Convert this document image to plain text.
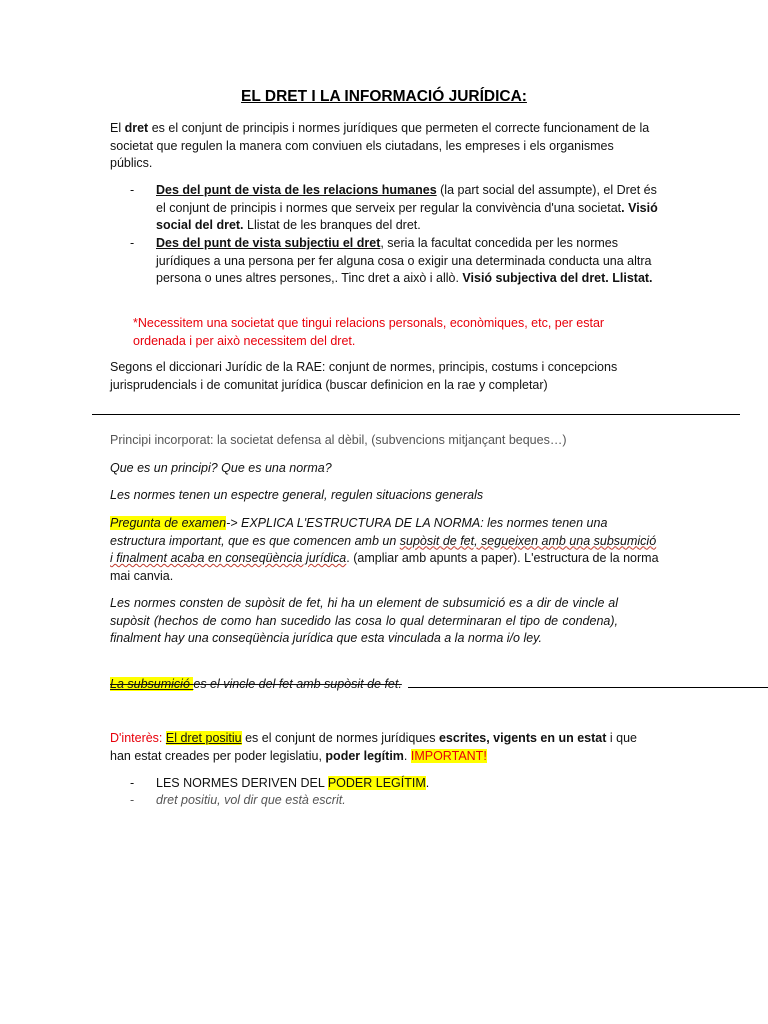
EL DRET I LA INFORMACIÓ JURÍDICA:

El dret es el conjunt de principis i normes jurídiques que permeten el correcte funcionament de la societat que regulen la manera com conviuen els ciutadans, les empreses i els organismes públics.

-	Des del punt de vista de les relacions humanes (la part social del assumpte), el Dret és el conjunt de principis i normes que serveix per regular la convivència d'una societat. Visió social del dret. Llistat de les branques del dret.

-	Des del punt de vista subjectiu el dret, seria la facultat concedida per les normes jurídiques a una persona per fer alguna cosa o exigir una determinada conducta una altra persona o unes altres persones,. Tinc dret a això i allò. Visió subjectiva del dret. Llistat.

*Necessitem una societat que tingui relacions personals, econòmiques, etc, per estar ordenada i per això necessitem del dret.

Segons el diccionari Jurídic de la RAE: conjunt de normes, principis, costums i concepcions jurisprudencials i de comunitat jurídica (buscar definicion en la rae y completar)

Principi incorporat: la societat defensa al dèbil, (subvencions mitjançant beques…)

Que es un principi? Que es una norma?

Les normes tenen un espectre general, regulen situacions generals

Pregunta de examen-> EXPLICA L'ESTRUCTURA DE LA NORMA: les normes tenen una estructura important, que es que comencen amb un supòsit de fet, segueixen amb una subsumició i finalment acaba en conseqüència jurídica. (ampliar amb apunts a paper). L'estructura de la norma mai canvia.

Les normes consten de supòsit de fet, hi ha un element de subsumició es a dir de vincle al supòsit (hechos de como han sucedido las cosa lo qual determinaran el tipo de condena), finalment hay una conseqüència jurídica que esta vinculada a la norma i/o ley.

La subsumició es el vincle del fet amb supòsit de fet.

D'interès: El dret positiu es el conjunt de normes jurídiques escrites, vigents en un estat i que han estat creades per poder legislatiu, poder legítim. IMPORTANT!

-	LES NORMES DERIVEN DEL PODER LEGÍTIM.

-	dret positiu, vol dir que està escrit.
